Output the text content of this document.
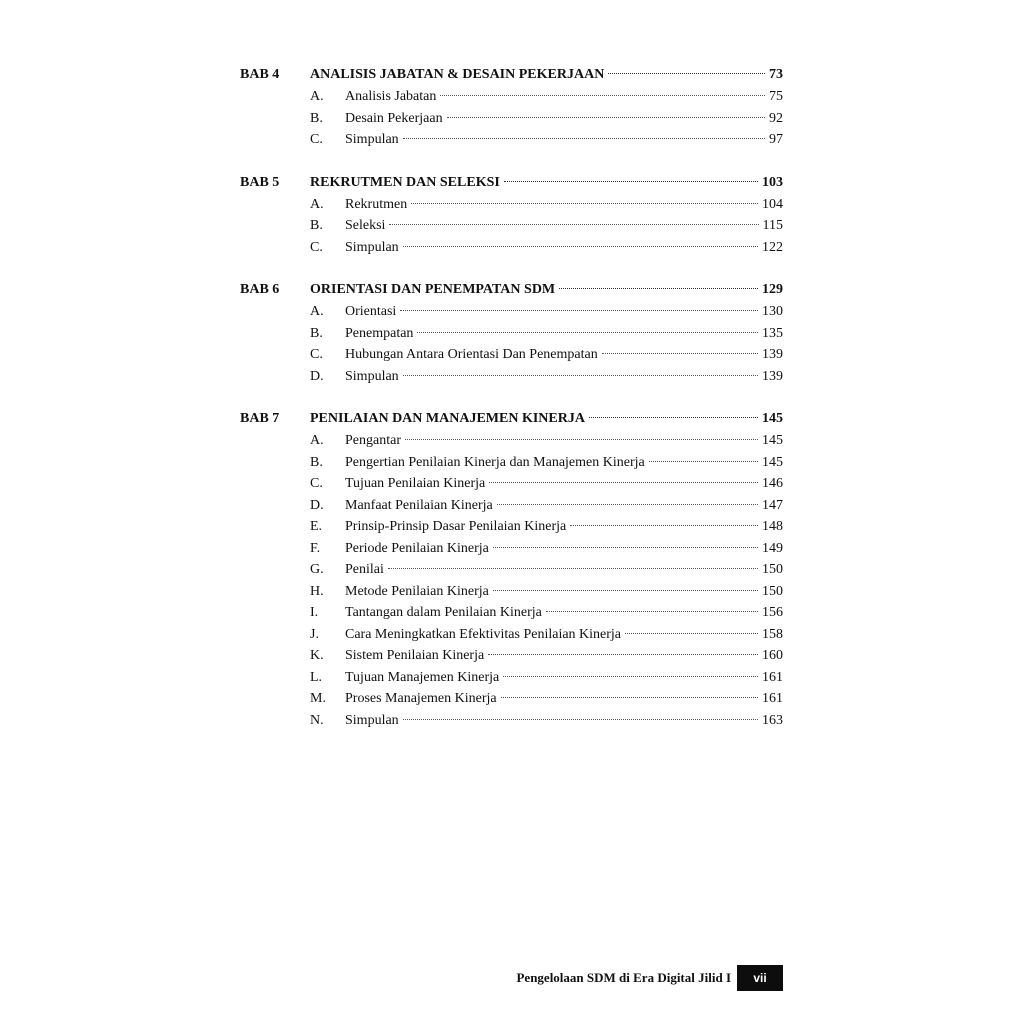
BAB 4	ANALISIS JABATAN & DESAIN PEKERJAAN	73
A.	Analisis Jabatan	75
B.	Desain Pekerjaan	92
C.	Simpulan	97
BAB 5	REKRUTMEN DAN SELEKSI	103
A.	Rekrutmen	104
B.	Seleksi	115
C.	Simpulan	122
BAB 6	ORIENTASI DAN PENEMPATAN SDM	129
A.	Orientasi	130
B.	Penempatan	135
C.	Hubungan Antara Orientasi Dan Penempatan	139
D.	Simpulan	139
BAB 7	PENILAIAN DAN MANAJEMEN KINERJA	145
A.	Pengantar	145
B.	Pengertian Penilaian Kinerja dan Manajemen Kinerja	145
C.	Tujuan Penilaian Kinerja	146
D.	Manfaat Penilaian Kinerja	147
E.	Prinsip-Prinsip Dasar Penilaian Kinerja	148
F.	Periode Penilaian Kinerja	149
G.	Penilai	150
H.	Metode Penilaian Kinerja	150
I.	Tantangan dalam Penilaian Kinerja	156
J.	Cara Meningkatkan Efektivitas Penilaian Kinerja	158
K.	Sistem Penilaian Kinerja	160
L.	Tujuan Manajemen Kinerja	161
M.	Proses Manajemen Kinerja	161
N.	Simpulan	163
Pengelolaan SDM di Era Digital Jilid I	vii
